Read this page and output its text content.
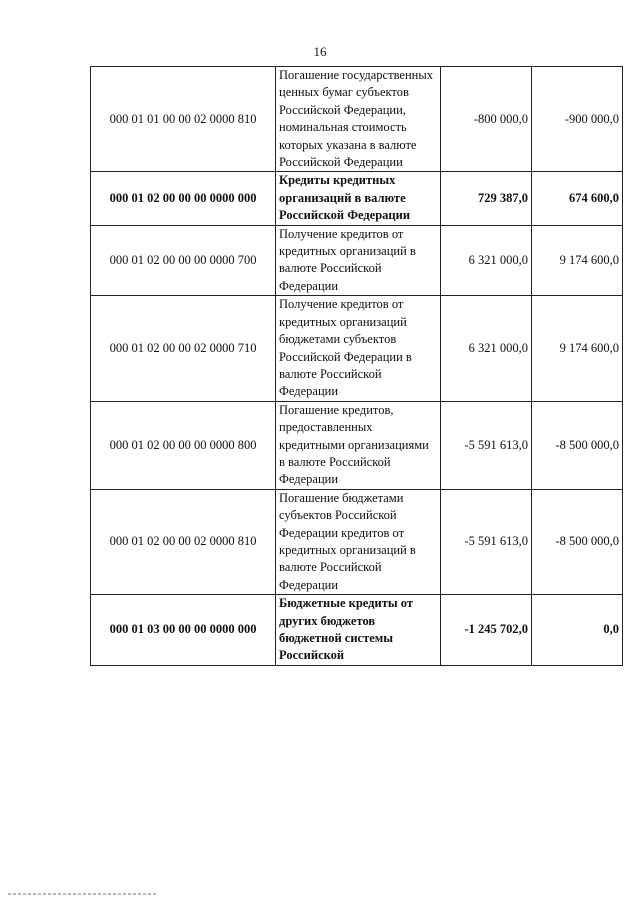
16
000 01 01 00 00 02 0000 810	Погашение государственных ценных бумаг субъектов Российской Федерации, номинальная стоимость которых указана в валюте Российской Федерации	-800 000,0	-900 000,0
000 01 02 00 00 00 0000 000	Кредиты кредитных организаций в валюте Российской Федерации	729 387,0	674 600,0
000 01 02 00 00 00 0000 700	Получение кредитов от кредитных организаций в валюте Российской Федерации	6 321 000,0	9 174 600,0
000 01 02 00 00 02 0000 710	Получение кредитов от кредитных организаций бюджетами субъектов Российской Федерации в валюте Российской Федерации	6 321 000,0	9 174 600,0
000 01 02 00 00 00 0000 800	Погашение кредитов, предоставленных кредитными организациями в валюте Российской Федерации	-5 591 613,0	-8 500 000,0
000 01 02 00 00 02 0000 810	Погашение бюджетами субъектов Российской Федерации кредитов от кредитных организаций в валюте Российской Федерации	-5 591 613,0	-8 500 000,0
000 01 03 00 00 00 0000 000	Бюджетные кредиты от других бюджетов бюджетной системы Российской	-1 245 702,0	0,0
